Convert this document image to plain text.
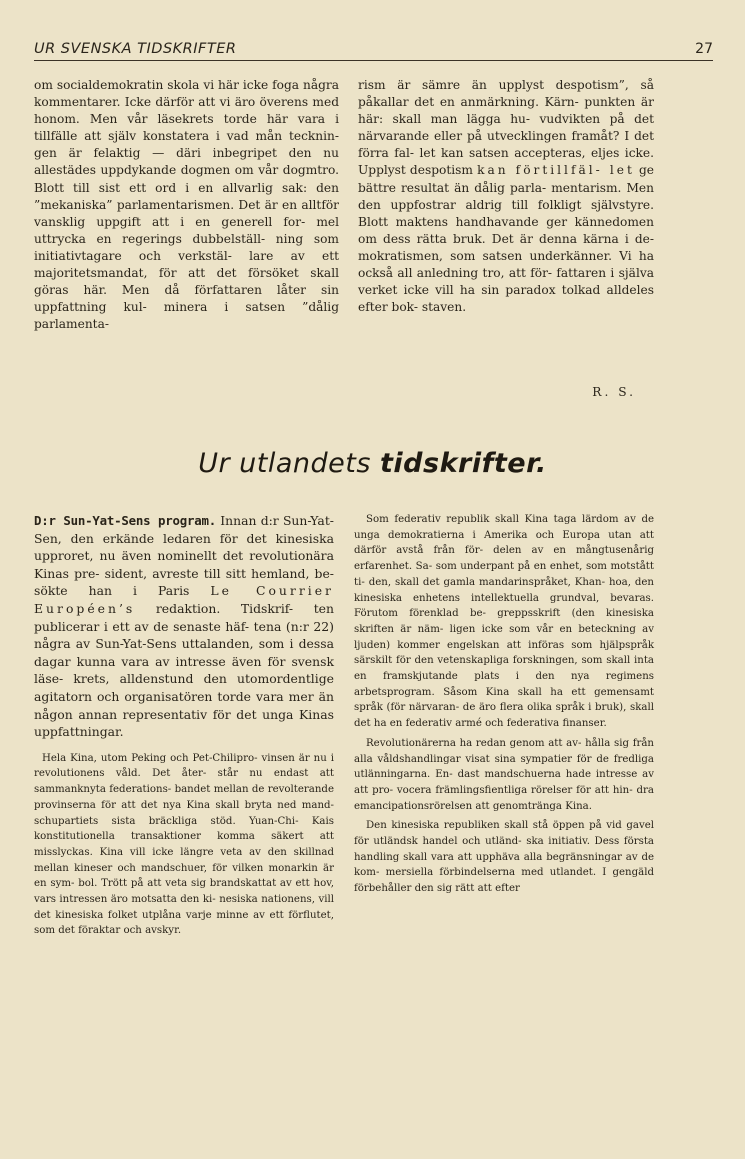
UR SVENSKA TIDSKRIFTER	27

om socialdemokratin skola vi här icke foga några kommentarer. Icke därför att vi äro överens med honom. Men vår läsekrets torde här vara i tillfälle att själv konstatera i vad mån tecknin- gen är felaktig — däri inbegripet den nu allestädes uppdykande dogmen om vår dogmtro. Blott till sist ett ord i en allvarlig sak: den ”mekaniska” parlamentarismen. Det är en alltför vansklig uppgift att i en generell for- mel uttrycka en regerings dubbelställ- ning som initiativtagare och verkstäl- lare av ett majoritetsmandat, för att det försöket skall göras här. Men då författaren låter sin uppfattning kul- minera i satsen ”dålig parlamenta-

rism är sämre än upplyst despotism”, så påkallar det en anmärkning. Kärn- punkten är här: skall man lägga hu- vudvikten på det närvarande eller på utvecklingen framåt? I det förra fal- let kan satsen accepteras, eljes icke. Upplyst despotism kan förtillfäl- let ge bättre resultat än dålig parla- mentarism. Men den uppfostrar aldrig till folkligt självstyre. Blott maktens handhavande ger kännedomen om dess rätta bruk. Det är denna kärna i de- mokratismen, som satsen underkänner. Vi ha också all anledning tro, att för- fattaren i själva verket icke vill ha sin paradox tolkad alldeles efter bok- staven.

R. S.
Ur utlandets tidskrifter.

D:r Sun-Yat-Sens program. Innan d:r Sun-Yat-Sen, den erkände ledaren för det kinesiska upproret, nu även nominellt det revolutionära Kinas pre- sident, avreste till sitt hemland, be- sökte han i Paris Le Courrier Européen’s redaktion. Tidskrif- ten publicerar i ett av de senaste häf- tena (n:r 22) några av Sun-Yat-Sens uttalanden, som i dessa dagar kunna vara av intresse även för svensk läse- krets, alldenstund den utomordentlige agitatorn och organisatören torde vara mer än någon annan representativ för det unga Kinas uppfattningar.

Hela Kina, utom Peking och Pet-Chilipro- vinsen är nu i revolutionens våld. Det åter- står nu endast att sammanknyta federations- bandet mellan de revolterande provinserna för att det nya Kina skall bryta ned mand- schupartiets sista bräckliga stöd. Yuan-Chi- Kais konstitutionella transaktioner komma säkert att misslyckas. Kina vill icke längre veta av den skillnad mellan kineser och mandschuer, för vilken monarkin är en sym- bol. Trött på att veta sig brandskattat av ett hov, vars intressen äro motsatta den ki- nesiska nationens, vill det kinesiska folket utplåna varje minne av ett förflutet, som det föraktar och avskyr.

Som federativ republik skall Kina taga lärdom av de unga demokratierna i Amerika och Europa utan att därför avstå från för- delen av en mångtusenårig erfarenhet. Sa- som underpant på en enhet, som motstått ti- den, skall det gamla mandarinspråket, Khan- hoa, den kinesiska enhetens intellektuella grundval, bevaras. Förutom förenklad be- greppsskrift (den kinesiska skriften är näm- ligen icke som vår en beteckning av ljuden) kommer engelskan att införas som hjälpspråk särskilt för den vetenskapliga forskningen, som skall inta en framskjutande plats i den nya regimens arbetsprogram. Såsom Kina skall ha ett gemensamt språk (för närvaran- de äro flera olika språk i bruk), skall det ha en federativ armé och federativa finanser.

Revolutionärerna ha redan genom att av- hålla sig från alla våldshandlingar visat sina sympatier för de fredliga utlänningarna. En- dast mandschuerna hade intresse av att pro- vocera främlingsfientliga rörelser för att hin- dra emancipationsrörelsen att genomtränga Kina.

Den kinesiska republiken skall stå öppen på vid gavel för utländsk handel och utländ- ska initiativ. Dess första handling skall vara att upphäva alla begränsningar av de kom- mersiella förbindelserna med utlandet. I gengäld förbehåller den sig rätt att efter
